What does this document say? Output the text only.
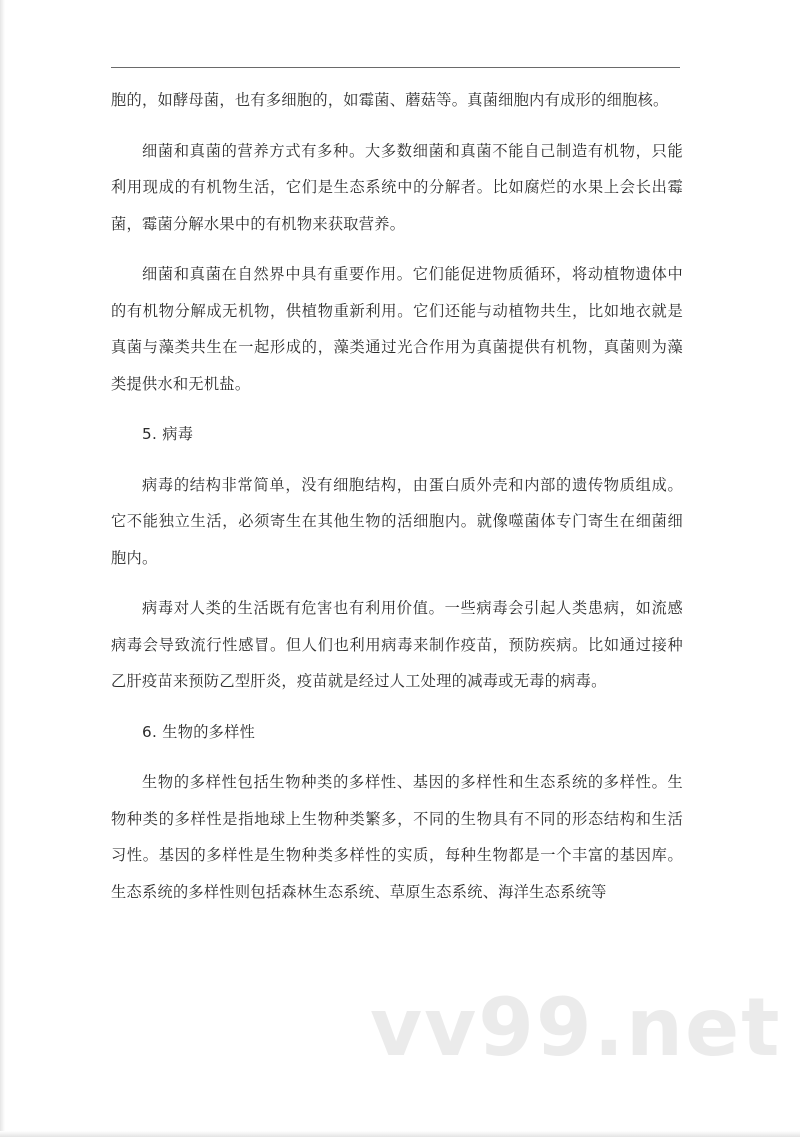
胞的，如酵母菌，也有多细胞的，如霉菌、蘑菇等。真菌细胞内有成形的细胞核。

细菌和真菌的营养方式有多种。大多数细菌和真菌不能自己制造有机物，只能利用现成的有机物生活，它们是生态系统中的分解者。比如腐烂的水果上会长出霉菌，霉菌分解水果中的有机物来获取营养。

细菌和真菌在自然界中具有重要作用。它们能促进物质循环，将动植物遗体中的有机物分解成无机物，供植物重新利用。它们还能与动植物共生，比如地衣就是真菌与藻类共生在一起形成的，藻类通过光合作用为真菌提供有机物，真菌则为藻类提供水和无机盐。

5. 病毒

病毒的结构非常简单，没有细胞结构，由蛋白质外壳和内部的遗传物质组成。它不能独立生活，必须寄生在其他生物的活细胞内。就像噬菌体专门寄生在细菌细胞内。

病毒对人类的生活既有危害也有利用价值。一些病毒会引起人类患病，如流感病毒会导致流行性感冒。但人们也利用病毒来制作疫苗，预防疾病。比如通过接种乙肝疫苗来预防乙型肝炎，疫苗就是经过人工处理的减毒或无毒的病毒。

6. 生物的多样性

生物的多样性包括生物种类的多样性、基因的多样性和生态系统的多样性。生物种类的多样性是指地球上生物种类繁多，不同的生物具有不同的形态结构和生活习性。基因的多样性是生物种类多样性的实质，每种生物都是一个丰富的基因库。生态系统的多样性则包括森林生态系统、草原生态系统、海洋生态系统等

vv99.net
